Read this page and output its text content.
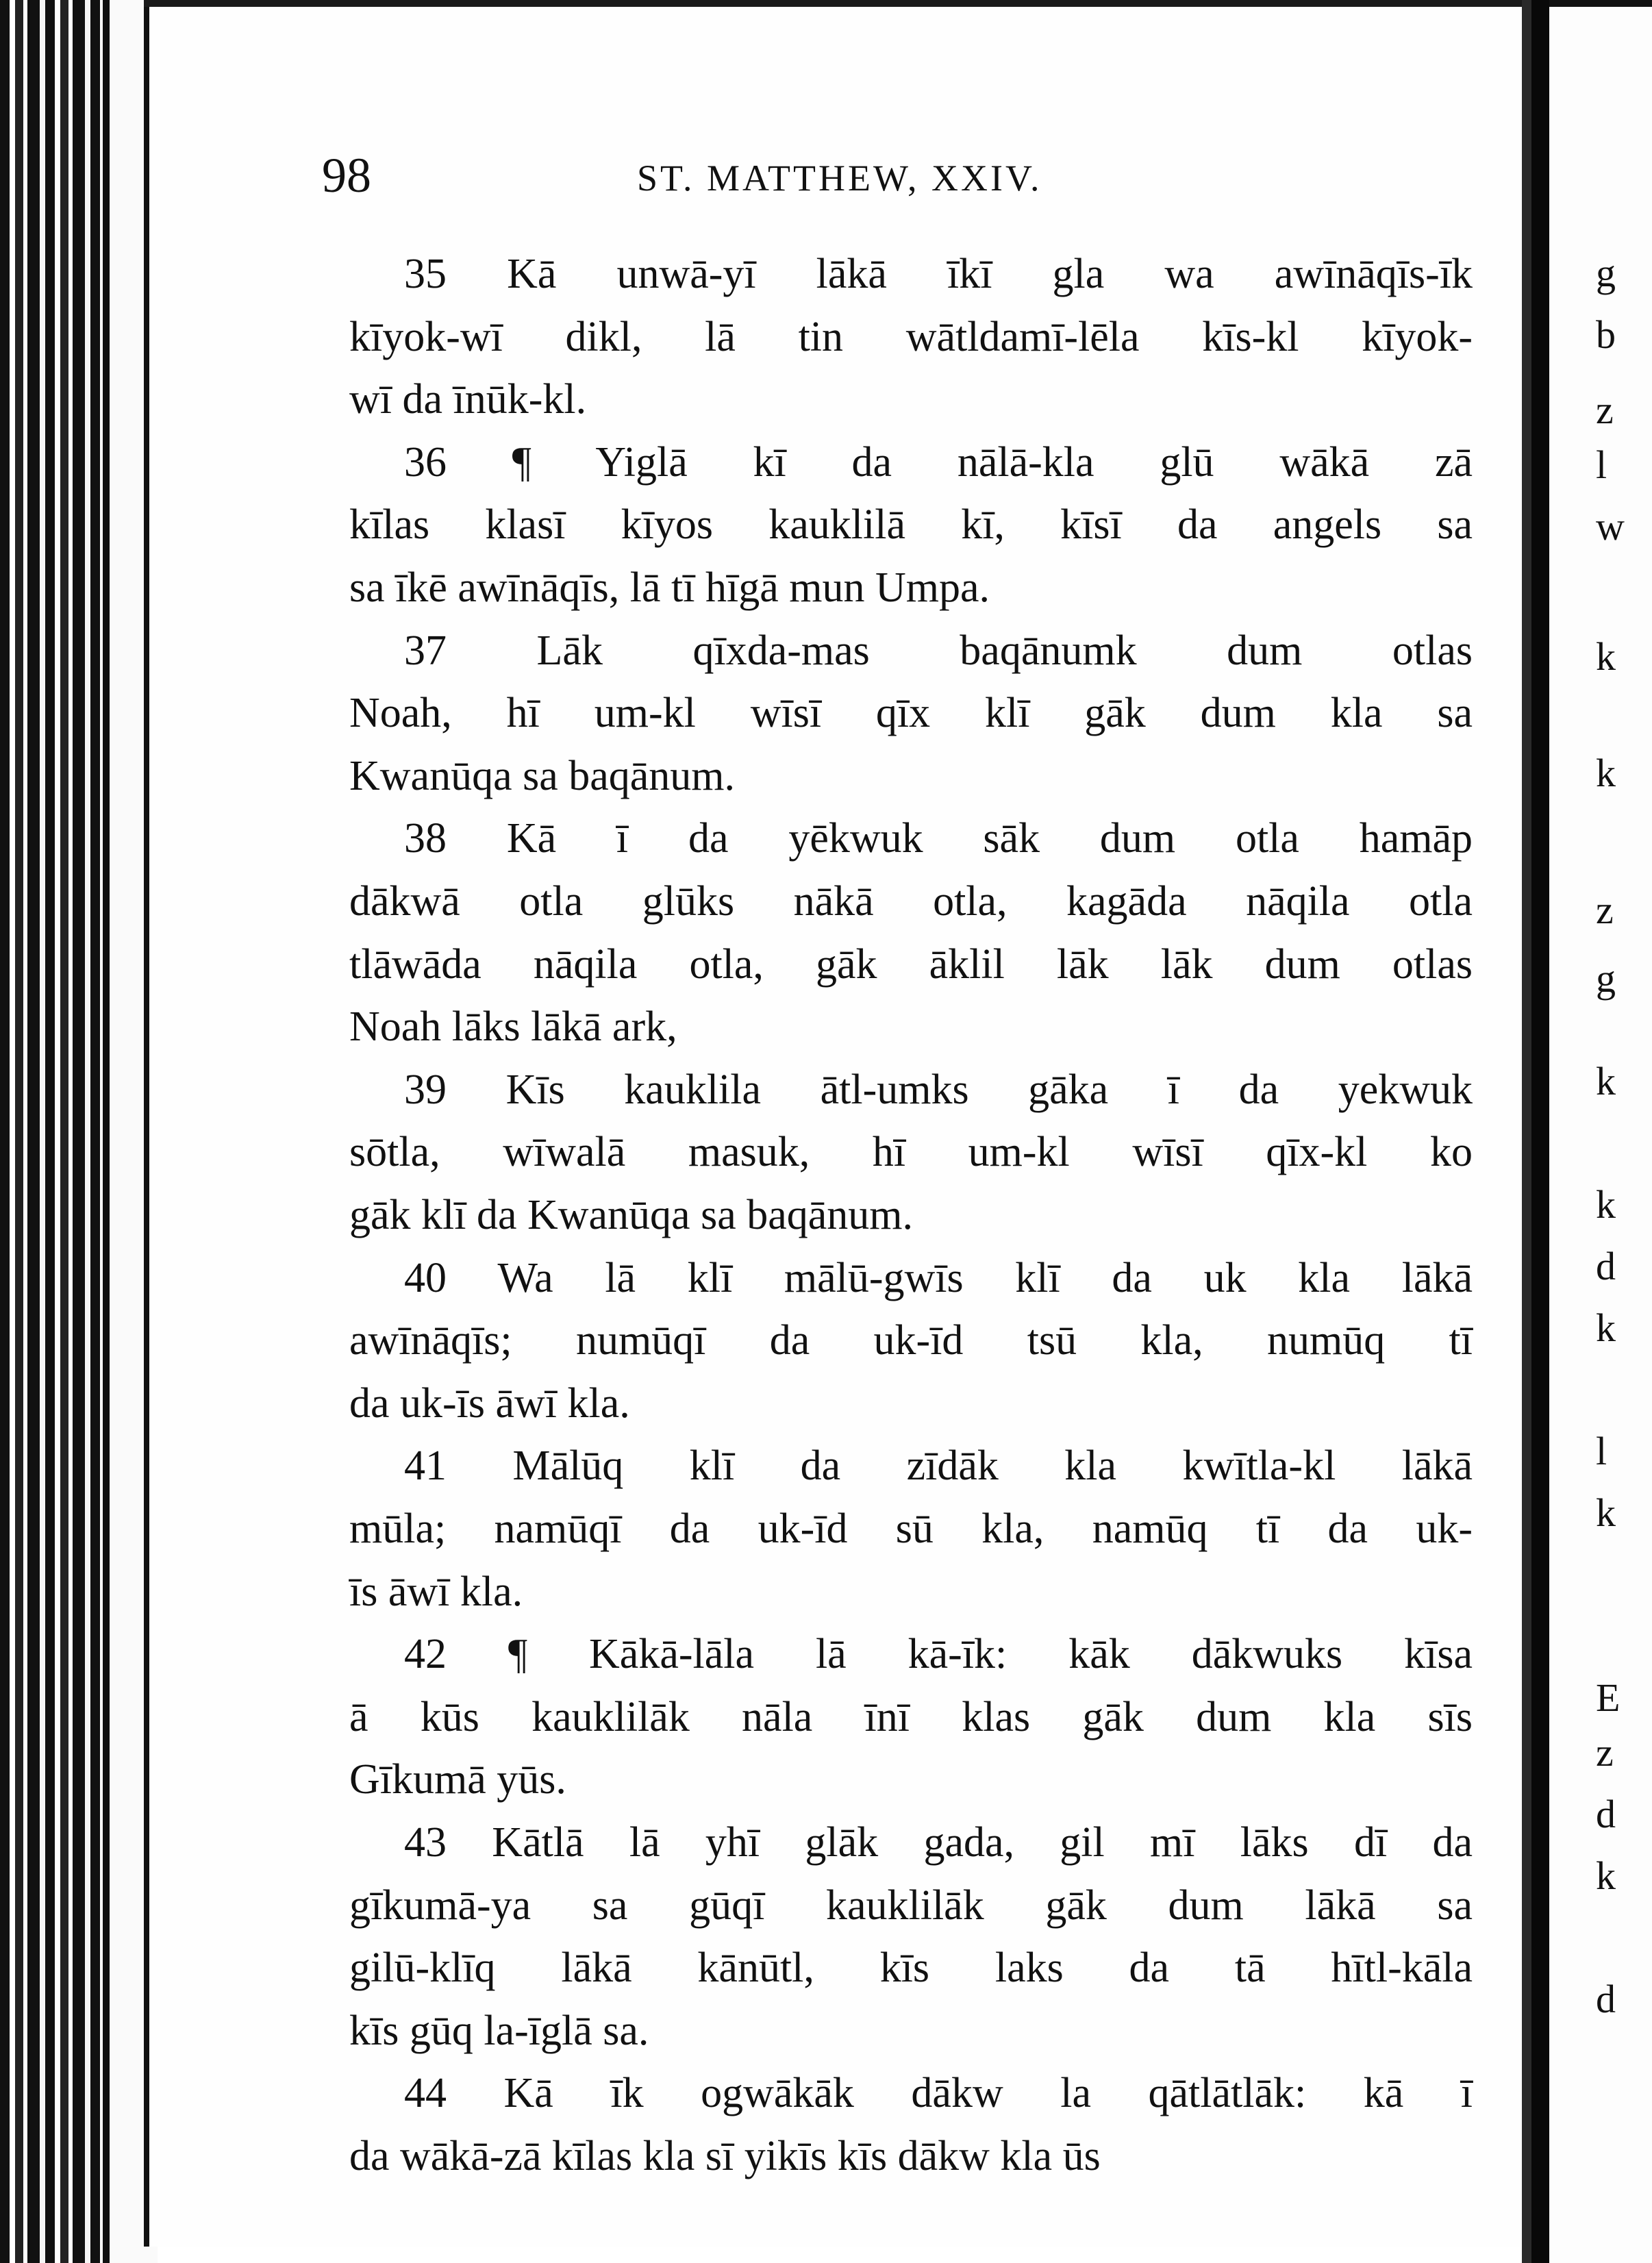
g
b
z
l
w
k
k
z
g
k
k
d
k
l
k
E
z
d
k
d
98	ST. MATTHEW, XXIV.
35 Kā unwā-yī lākā īkī gla wa awīnāqīs-īk
kīyok-wī dikl, lā tin wātldamī-lēla kīs-kl kīyok-
wī da īnūk-kl.
36 ¶ Yiglā kī da nālā-kla glū wākā zā
kīlas klasī kīyos kauklilā kī, kīsī da angels sa
sa īkē awīnāqīs, lā tī hīgā mun Umpa.
37 Lāk qīxda-mas baqānumk dum otlas
Noah, hī um-kl wīsī qīx klī gāk dum kla sa
Kwanūqa sa baqānum.
38 Kā ī da yēkwuk sāk dum otla hamāp
dākwā otla glūks nākā otla, kagāda nāqila otla
tlāwāda nāqila otla, gāk āklil lāk lāk dum otlas
Noah lāks lākā ark,
39 Kīs kauklila ātl-umks gāka ī da yekwuk
sōtla, wīwalā masuk, hī um-kl wīsī qīx-kl ko
gāk klī da Kwanūqa sa baqānum.
40 Wa lā klī mālū-gwīs klī da uk kla lākā
awīnāqīs; numūqī da uk-īd tsū kla, numūq tī
da uk-īs āwī kla.
41 Mālūq klī da zīdāk kla kwītla-kl lākā
mūla; namūqī da uk-īd sū kla, namūq tī da uk-
īs āwī kla.
42 ¶ Kākā-lāla lā kā-īk: kāk dākwuks kīsa
ā kūs kauklilāk nāla īnī klas gāk dum kla sīs
Gīkumā yūs.
43 Kātlā lā yhī glāk gada, gil mī lāks dī da
gīkumā-ya sa gūqī kauklilāk gāk dum lākā sa
gilū-klīq lākā kānūtl, kīs laks da tā hītl-kāla
kīs gūq la-īglā sa.
44 Kā īk ogwākāk dākw la qātlātlāk: kā ī
da wākā-zā kīlas kla sī yikīs kīs dākw kla ūs
